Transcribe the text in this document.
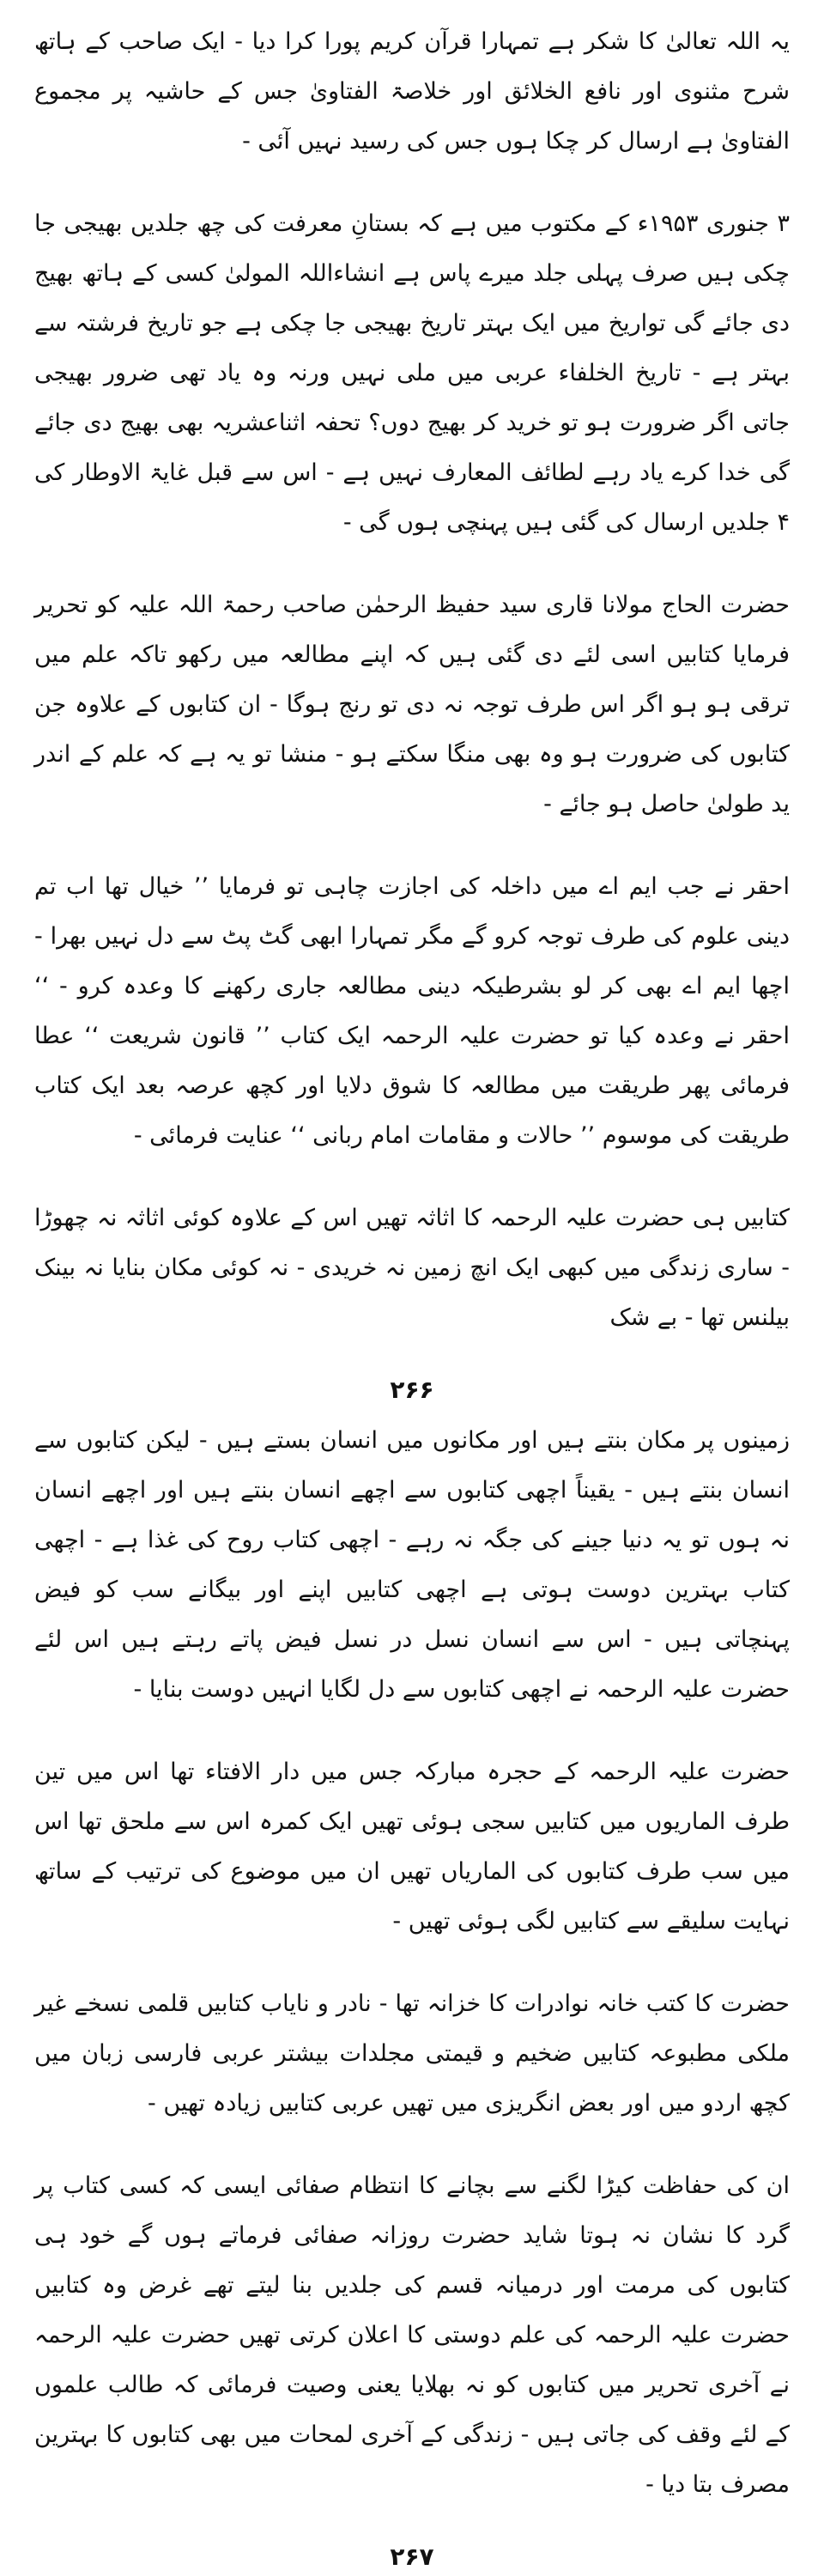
یہ اللہ تعالیٰ کا شکر ہے تمہارا قرآن کریم پورا کرا دیا - ایک صاحب کے ہاتھ شرح مثنوی اور نافع الخلائق اور خلاصۃ الفتاویٰ جس کے حاشیہ پر مجموع الفتاویٰ ہے ارسال کر چکا ہوں جس کی رسید نہیں آئی -

۳ جنوری ۱۹۵۳ء کے مکتوب میں ہے کہ بستانِ معرفت کی چھ جلدیں بھیجی جا چکی ہیں صرف پہلی جلد میرے پاس ہے انشاءاللہ المولیٰ کسی کے ہاتھ بھیج دی جائے گی تواریخ میں ایک بہتر تاریخ بھیجی جا چکی ہے جو تاریخ فرشتہ سے بہتر ہے - تاریخ الخلفاء عربی میں ملی نہیں ورنہ وہ یاد تھی ضرور بھیجی جاتی اگر ضرورت ہو تو خرید کر بھیج دوں؟ تحفہ اثناعشریہ بھی بھیج دی جائے گی خدا کرے یاد رہے لطائف المعارف نہیں ہے - اس سے قبل غایۃ الاوطار کی ۴ جلدیں ارسال کی گئی ہیں پہنچی ہوں گی -

حضرت الحاج مولانا قاری سید حفیظ الرحمٰن صاحب رحمۃ اللہ علیہ کو تحریر فرمایا کتابیں اسی لئے دی گئی ہیں کہ اپنے مطالعہ میں رکھو تاکہ علم میں ترقی ہو ہو اگر اس طرف توجہ نہ دی تو رنج ہوگا - ان کتابوں کے علاوہ جن کتابوں کی ضرورت ہو وہ بھی منگا سکتے ہو - منشا تو یہ ہے کہ علم کے اندر ید طولیٰ حاصل ہو جائے -

احقر نے جب ایم اے میں داخلہ کی اجازت چاہی تو فرمایا ’’ خیال تھا اب تم دینی علوم کی طرف توجہ کرو گے مگر تمہارا ابھی گٹ پٹ سے دل نہیں بھرا - اچھا ایم اے بھی کر لو بشرطیکہ دینی مطالعہ جاری رکھنے کا وعدہ کرو - ‘‘ احقر نے وعدہ کیا تو حضرت علیہ الرحمہ ایک کتاب ’’ قانون شریعت ‘‘ عطا فرمائی پھر طریقت میں مطالعہ کا شوق دلایا اور کچھ عرصہ بعد ایک کتاب طریقت کی موسوم ’’ حالات و مقامات امام ربانی ‘‘ عنایت فرمائی -

کتابیں ہی حضرت علیہ الرحمہ کا اثاثہ تھیں اس کے علاوہ کوئی اثاثہ نہ چھوڑا - ساری زندگی میں کبھی ایک انچ زمین نہ خریدی - نہ کوئی مکان بنایا نہ بینک بیلنس تھا - بے شک

۲۶۶

زمینوں پر مکان بنتے ہیں اور مکانوں میں انسان بستے ہیں - لیکن کتابوں سے انسان بنتے ہیں - یقیناً اچھی کتابوں سے اچھے انسان بنتے ہیں اور اچھے انسان نہ ہوں تو یہ دنیا جینے کی جگہ نہ رہے - اچھی کتاب روح کی غذا ہے - اچھی کتاب بہترین دوست ہوتی ہے اچھی کتابیں اپنے اور بیگانے سب کو فیض پہنچاتی ہیں - اس سے انسان نسل در نسل فیض پاتے رہتے ہیں اس لئے حضرت علیہ الرحمہ نے اچھی کتابوں سے دل لگایا انہیں دوست بنایا -

حضرت علیہ الرحمہ کے حجرہ مبارکہ جس میں دار الافتاء تھا اس میں تین طرف الماریوں میں کتابیں سجی ہوئی تھیں ایک کمرہ اس سے ملحق تھا اس میں سب طرف کتابوں کی الماریاں تھیں ان میں موضوع کی ترتیب کے ساتھ نہایت سلیقے سے کتابیں لگی ہوئی تھیں -

حضرت کا کتب خانہ نوادرات کا خزانہ تھا - نادر و نایاب کتابیں قلمی نسخے غیر ملکی مطبوعہ کتابیں ضخیم و قیمتی مجلدات بیشتر عربی فارسی زبان میں کچھ اردو میں اور بعض انگریزی میں تھیں عربی کتابیں زیادہ تھیں -

ان کی حفاظت کیڑا لگنے سے بچانے کا انتظام صفائی ایسی کہ کسی کتاب پر گرد کا نشان نہ ہوتا شاید حضرت روزانہ صفائی فرماتے ہوں گے خود ہی کتابوں کی مرمت اور درمیانہ قسم کی جلدیں بنا لیتے تھے غرض وہ کتابیں حضرت علیہ الرحمہ کی علم دوستی کا اعلان کرتی تھیں حضرت علیہ الرحمہ نے آخری تحریر میں کتابوں کو نہ بھلایا یعنی وصیت فرمائی کہ طالب علموں کے لئے وقف کی جاتی ہیں - زندگی کے آخری لمحات میں بھی کتابوں کا بہترین مصرف بتا دیا -

۲۶۷
